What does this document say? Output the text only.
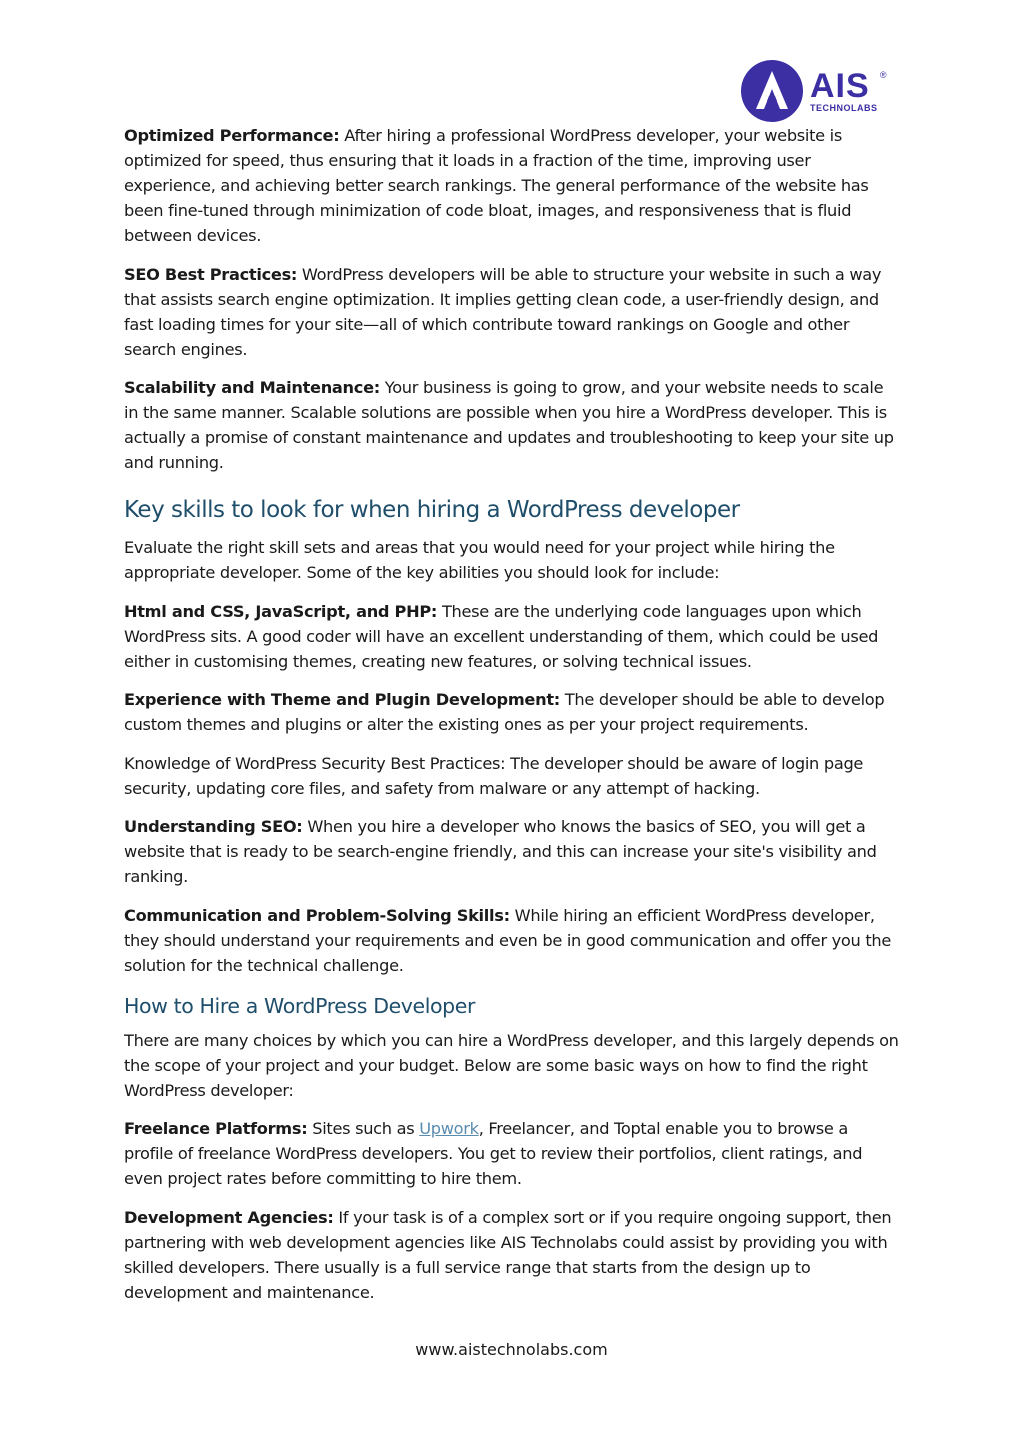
AIS ®
TECHNOLABS

Optimized Performance: After hiring a professional WordPress developer, your website is optimized for speed, thus ensuring that it loads in a fraction of the time, improving user experience, and achieving better search rankings. The general performance of the website has been fine-tuned through minimization of code bloat, images, and responsiveness that is fluid between devices.

SEO Best Practices: WordPress developers will be able to structure your website in such a way that assists search engine optimization. It implies getting clean code, a user-friendly design, and fast loading times for your site—all of which contribute toward rankings on Google and other search engines.

Scalability and Maintenance: Your business is going to grow, and your website needs to scale in the same manner. Scalable solutions are possible when you hire a WordPress developer. This is actually a promise of constant maintenance and updates and troubleshooting to keep your site up and running.

Key skills to look for when hiring a WordPress developer

Evaluate the right skill sets and areas that you would need for your project while hiring the appropriate developer. Some of the key abilities you should look for include:

Html and CSS, JavaScript, and PHP: These are the underlying code languages upon which WordPress sits. A good coder will have an excellent understanding of them, which could be used either in customising themes, creating new features, or solving technical issues.

Experience with Theme and Plugin Development: The developer should be able to develop custom themes and plugins or alter the existing ones as per your project requirements.

Knowledge of WordPress Security Best Practices: The developer should be aware of login page security, updating core files, and safety from malware or any attempt of hacking.

Understanding SEO: When you hire a developer who knows the basics of SEO, you will get a website that is ready to be search-engine friendly, and this can increase your site's visibility and ranking.

Communication and Problem-Solving Skills: While hiring an efficient WordPress developer, they should understand your requirements and even be in good communication and offer you the solution for the technical challenge.

How to Hire a WordPress Developer

There are many choices by which you can hire a WordPress developer, and this largely depends on the scope of your project and your budget. Below are some basic ways on how to find the right WordPress developer:

Freelance Platforms: Sites such as Upwork, Freelancer, and Toptal enable you to browse a profile of freelance WordPress developers. You get to review their portfolios, client ratings, and even project rates before committing to hire them.

Development Agencies: If your task is of a complex sort or if you require ongoing support, then partnering with web development agencies like AIS Technolabs could assist by providing you with skilled developers. There usually is a full service range that starts from the design up to development and maintenance.

www.aistechnolabs.com
